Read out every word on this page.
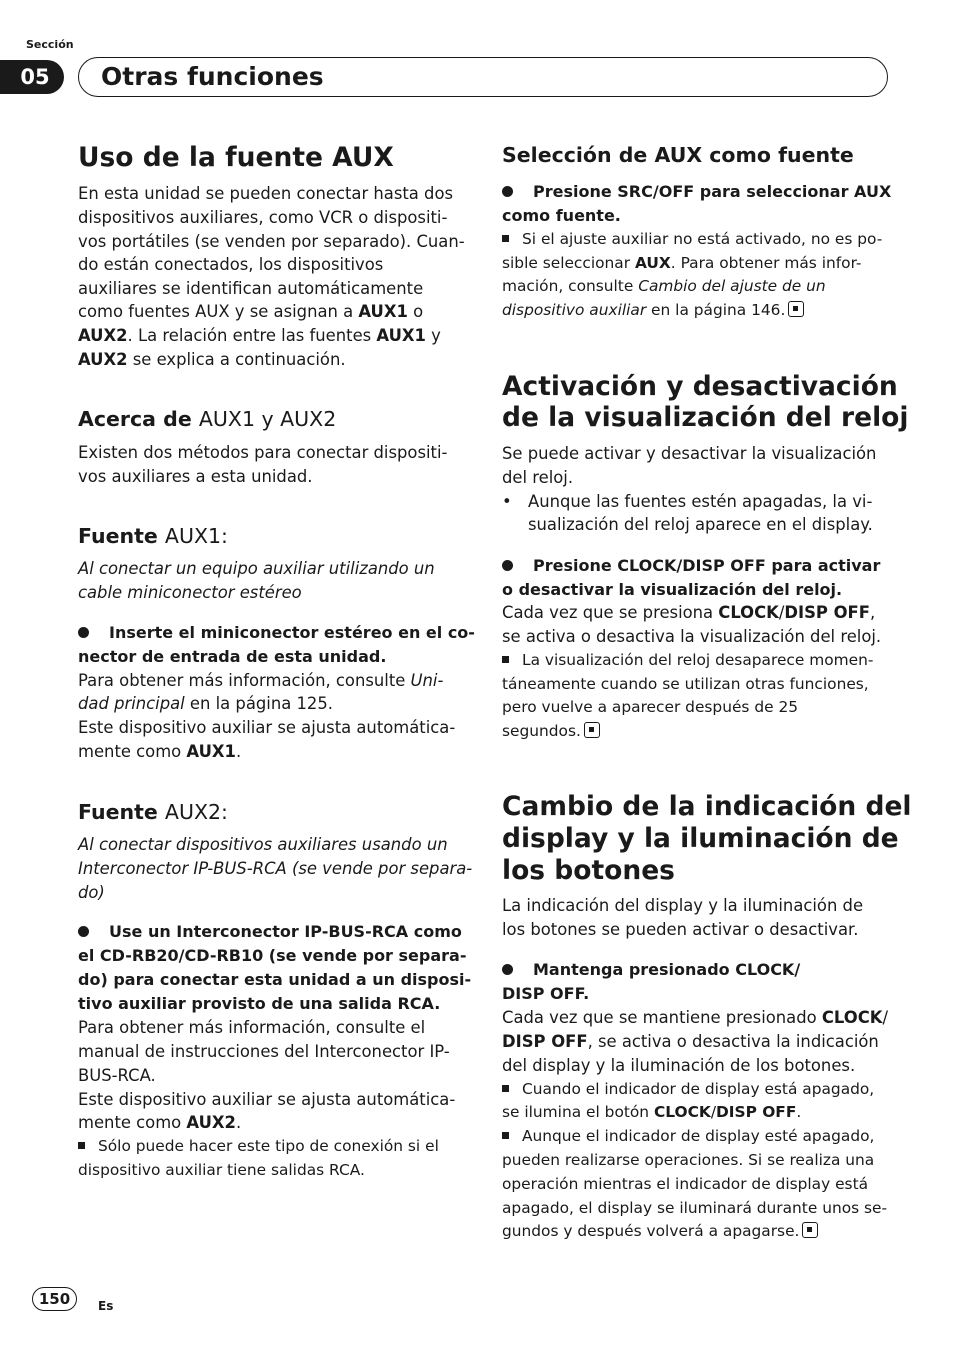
Sección
05	Otras funciones
Uso de la fuente AUX
En esta unidad se pueden conectar hasta dos
dispositivos auxiliares, como VCR o dispositi-
vos portátiles (se venden por separado). Cuan-
do están conectados, los dispositivos
auxiliares se identifican automáticamente
como fuentes AUX y se asignan a AUX1 o
AUX2. La relación entre las fuentes AUX1 y
AUX2 se explica a continuación.
Acerca de AUX1 y AUX2
Existen dos métodos para conectar dispositi-
vos auxiliares a esta unidad.
Fuente AUX1:
Al conectar un equipo auxiliar utilizando un
cable miniconector estéreo
Inserte el miniconector estéreo en el co-
nector de entrada de esta unidad.
Para obtener más información, consulte Uni-
dad principal en la página 125.
Este dispositivo auxiliar se ajusta automática-
mente como AUX1.
Fuente AUX2:
Al conectar dispositivos auxiliares usando un
Interconector IP-BUS-RCA (se vende por separa-
do)
Use un Interconector IP-BUS-RCA como
el CD-RB20/CD-RB10 (se vende por separa-
do) para conectar esta unidad a un disposi-
tivo auxiliar provisto de una salida RCA.
Para obtener más información, consulte el
manual de instrucciones del Interconector IP-
BUS-RCA.
Este dispositivo auxiliar se ajusta automática-
mente como AUX2.
Sólo puede hacer este tipo de conexión si el
dispositivo auxiliar tiene salidas RCA.
Selección de AUX como fuente
Presione SRC/OFF para seleccionar AUX
como fuente.
Si el ajuste auxiliar no está activado, no es po-
sible seleccionar AUX. Para obtener más infor-
mación, consulte Cambio del ajuste de un
dispositivo auxiliar en la página 146.
Activación y desactivación
de la visualización del reloj
Se puede activar y desactivar la visualización
del reloj.
• Aunque las fuentes estén apagadas, la vi-
sualización del reloj aparece en el display.
Presione CLOCK/DISP OFF para activar
o desactivar la visualización del reloj.
Cada vez que se presiona CLOCK/DISP OFF,
se activa o desactiva la visualización del reloj.
La visualización del reloj desaparece momen-
táneamente cuando se utilizan otras funciones,
pero vuelve a aparecer después de 25
segundos.
Cambio de la indicación del
display y la iluminación de
los botones
La indicación del display y la iluminación de
los botones se pueden activar o desactivar.
Mantenga presionado CLOCK/
DISP OFF.
Cada vez que se mantiene presionado CLOCK/
DISP OFF, se activa o desactiva la indicación
del display y la iluminación de los botones.
Cuando el indicador de display está apagado,
se ilumina el botón CLOCK/DISP OFF.
Aunque el indicador de display esté apagado,
pueden realizarse operaciones. Si se realiza una
operación mientras el indicador de display está
apagado, el display se iluminará durante unos se-
gundos y después volverá a apagarse.
150	Es
